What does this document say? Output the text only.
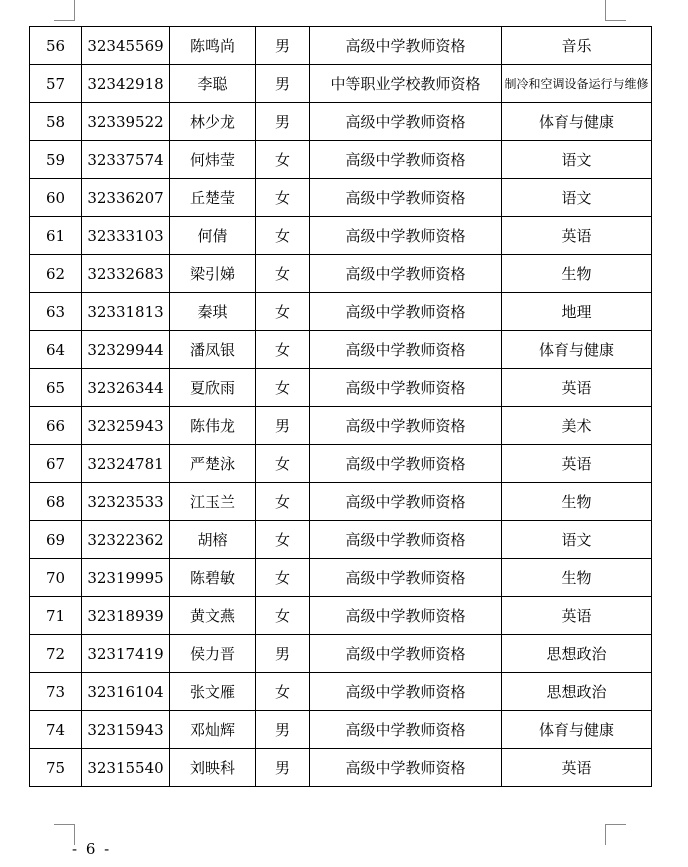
56	32345569	陈鸣尚	男	高级中学教师资格	音乐
57	32342918	李聪	男	中等职业学校教师资格	制冷和空调设备运行与维修
58	32339522	林少龙	男	高级中学教师资格	体育与健康
59	32337574	何炜莹	女	高级中学教师资格	语文
60	32336207	丘楚莹	女	高级中学教师资格	语文
61	32333103	何倩	女	高级中学教师资格	英语
62	32332683	梁引娣	女	高级中学教师资格	生物
63	32331813	秦琪	女	高级中学教师资格	地理
64	32329944	潘凤银	女	高级中学教师资格	体育与健康
65	32326344	夏欣雨	女	高级中学教师资格	英语
66	32325943	陈伟龙	男	高级中学教师资格	美术
67	32324781	严楚泳	女	高级中学教师资格	英语
68	32323533	江玉兰	女	高级中学教师资格	生物
69	32322362	胡榕	女	高级中学教师资格	语文
70	32319995	陈碧敏	女	高级中学教师资格	生物
71	32318939	黄文燕	女	高级中学教师资格	英语
72	32317419	侯力晋	男	高级中学教师资格	思想政治
73	32316104	张文雁	女	高级中学教师资格	思想政治
74	32315943	邓灿辉	男	高级中学教师资格	体育与健康
75	32315540	刘映科	男	高级中学教师资格	英语
- 6 -
